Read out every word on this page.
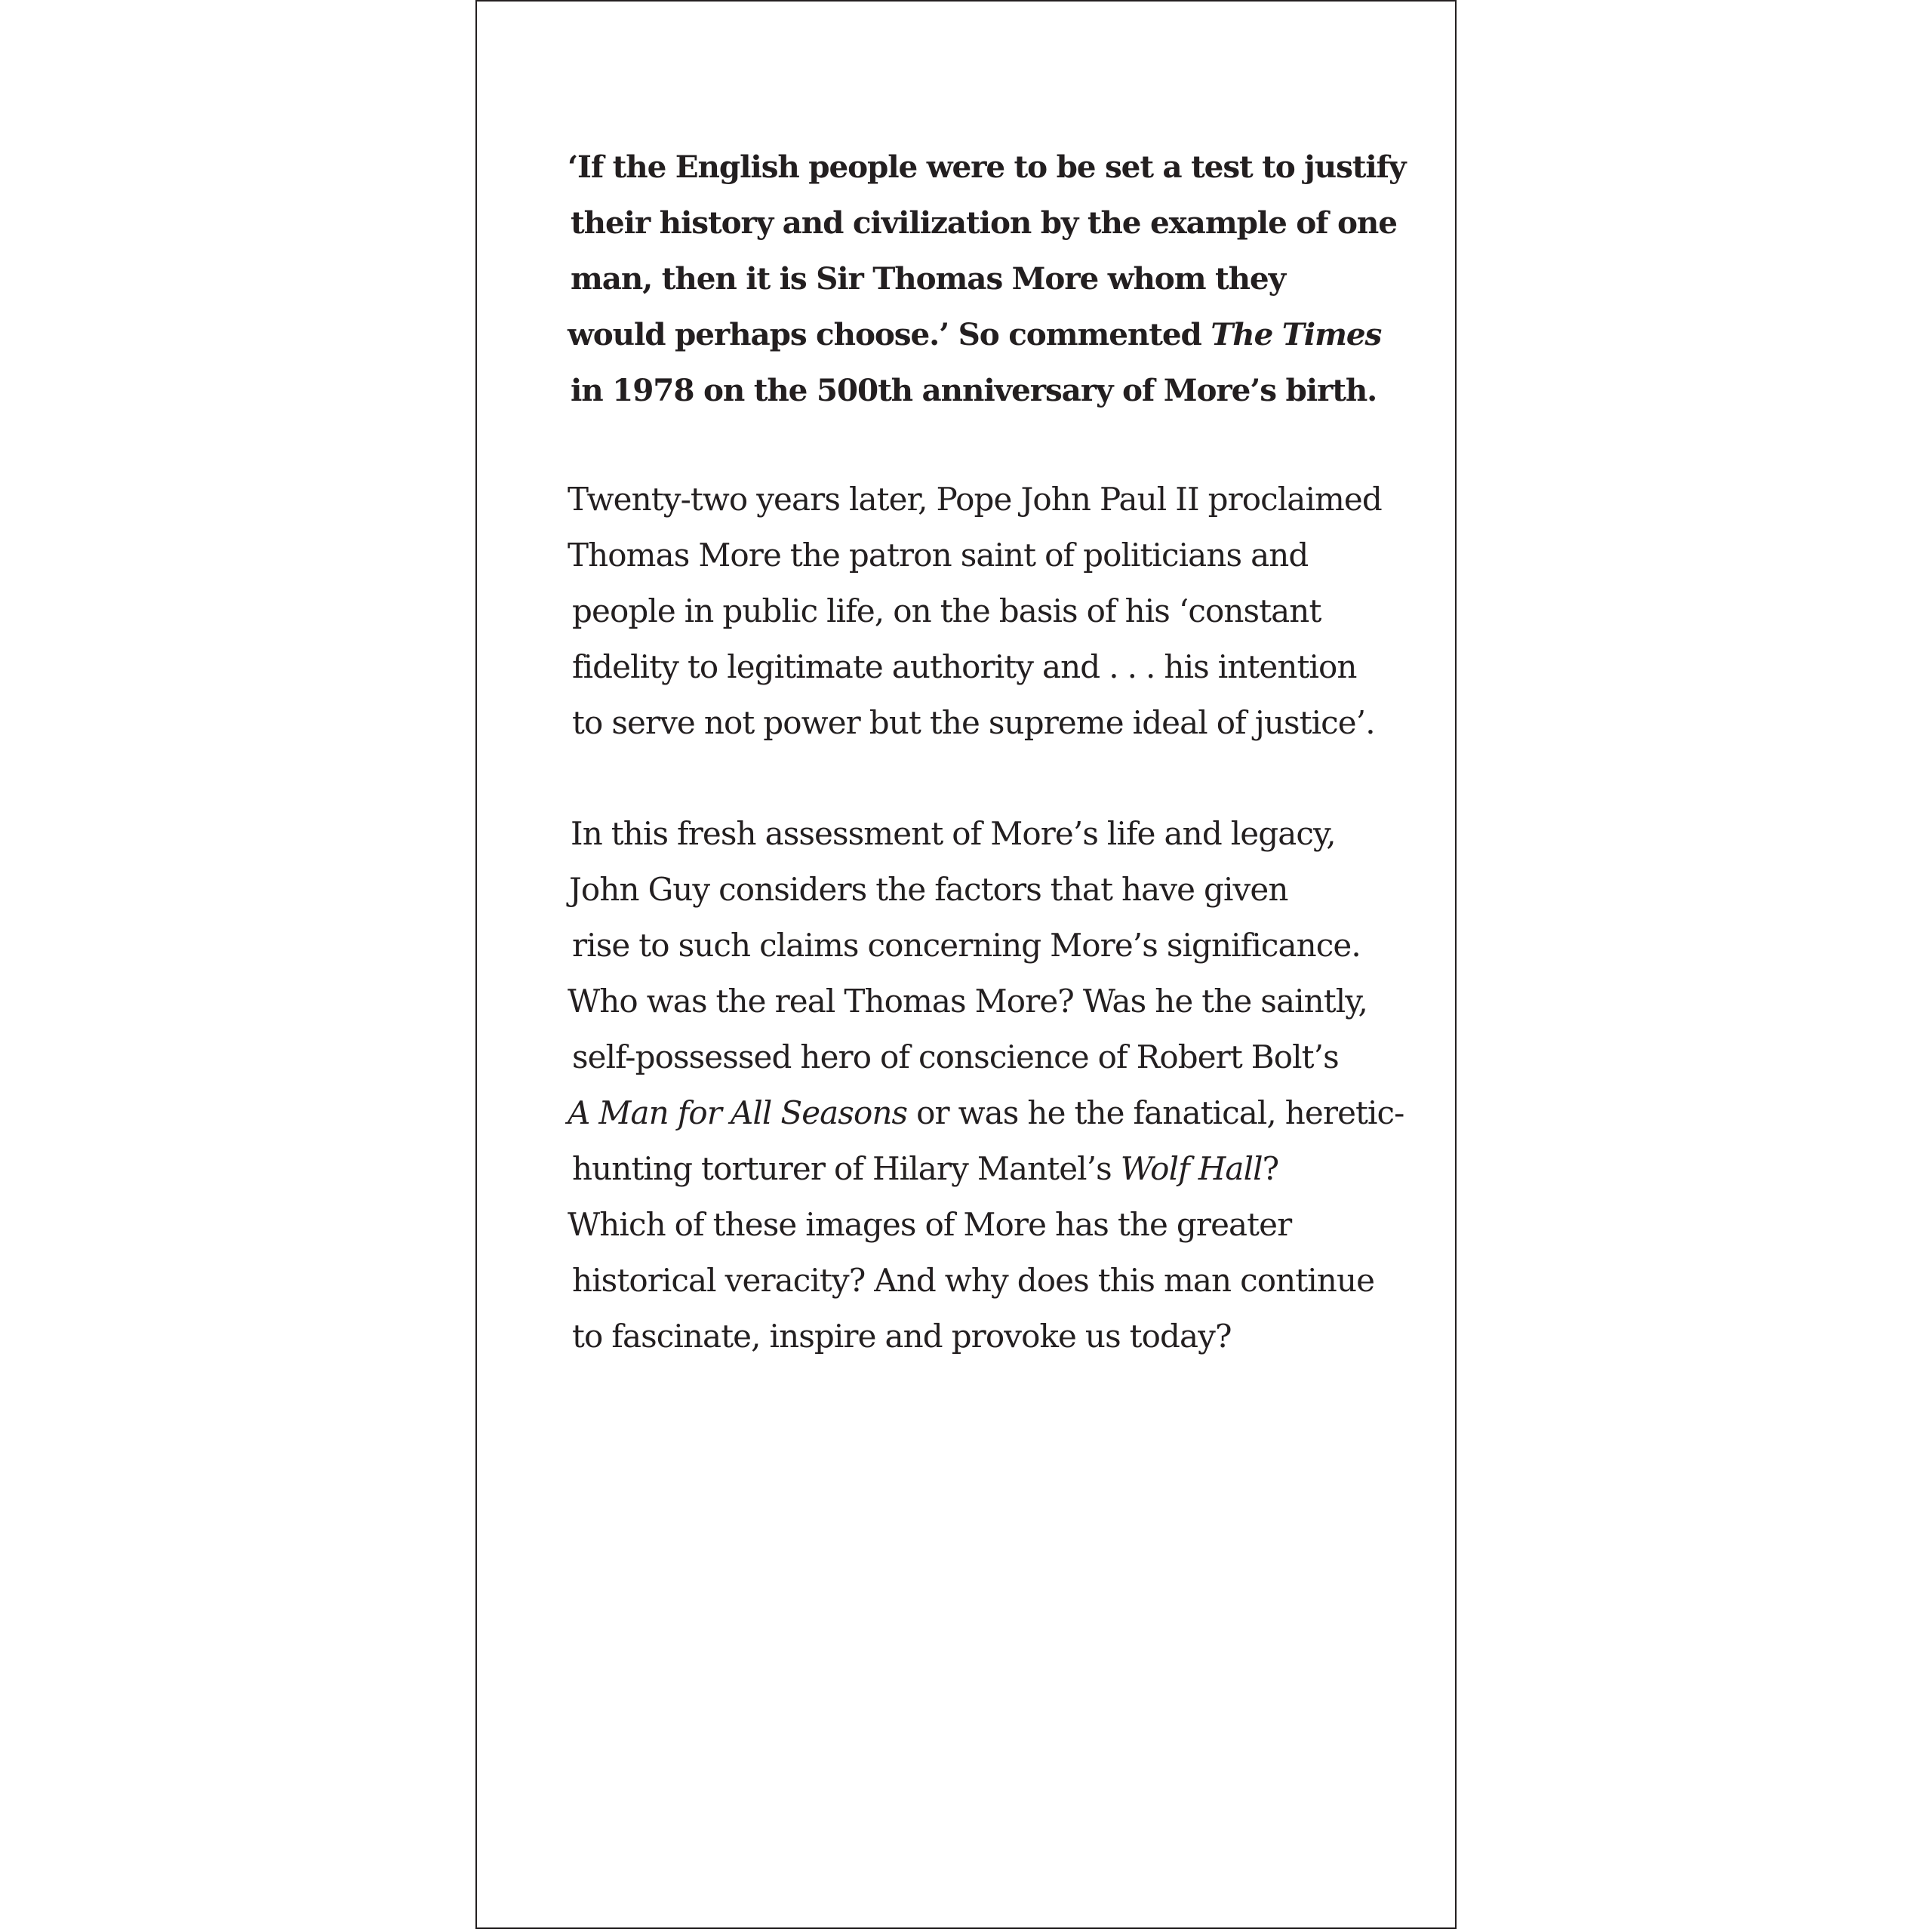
‘If the English people were to be set a test to justify
their history and civilization by the example of one
man, then it is Sir Thomas More whom they
would perhaps choose.’ So commented The Times
in 1978 on the 500th anniversary of More’s birth.
Twenty-two years later, Pope John Paul II proclaimed
Thomas More the patron saint of politicians and
people in public life, on the basis of his ‘constant
fidelity to legitimate authority and . . . his intention
to serve not power but the supreme ideal of justice’.
In this fresh assessment of More’s life and legacy,
John Guy considers the factors that have given
rise to such claims concerning More’s significance.
Who was the real Thomas More? Was he the saintly,
self-possessed hero of conscience of Robert Bolt’s
A Man for All Seasons or was he the fanatical, heretic-
hunting torturer of Hilary Mantel’s Wolf Hall?
Which of these images of More has the greater
historical veracity? And why does this man continue
to fascinate, inspire and provoke us today?
